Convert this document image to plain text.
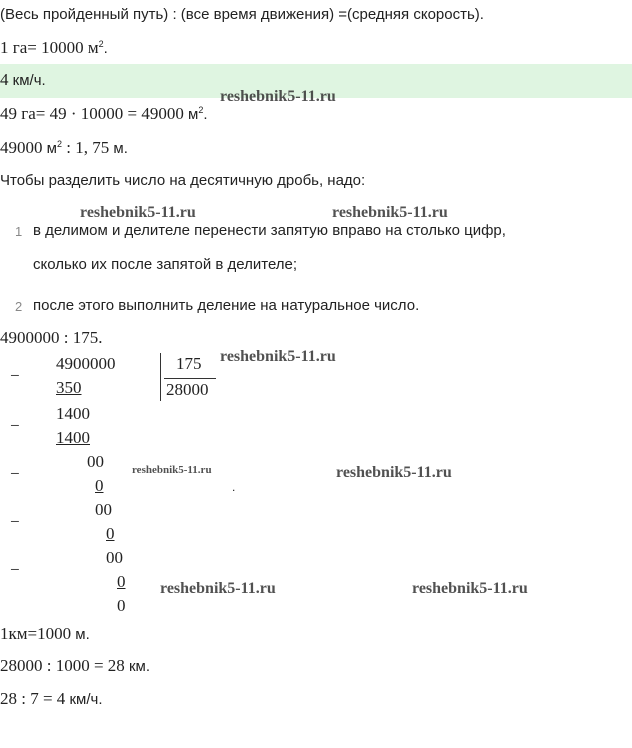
(Весь пройденный путь) : (все время движения) =(средняя скорость).
1 га= 10000 $м^2$.
4 км/ч.
49 га= 49 · 10000 = 49000 $м^2$.
49000 $м^2$ : 1, 75 м.
Чтобы разделить число на десятичную дробь, надо:
1 в делимом и делителе перенести запятую вправо на столько цифр,
сколько их после запятой в делителе;
2 после этого выполнить деление на натуральное число.
4900000 : 175.
4900000	175
28000
−
350
1400
−
1400
00
−
0
00
−
0
00
−
0
0
.
1км=1000 м.
28000 : 1000 = 28 км.
28 : 7 = 4 км/ч.
reshebnik5-11.ru
reshebnik5-11.ru	reshebnik5-11.ru
reshebnik5-11.ru
reshebnik5-11.ru	reshebnik5-11.ru
reshebnik5-11.ru	reshebnik5-11.ru
